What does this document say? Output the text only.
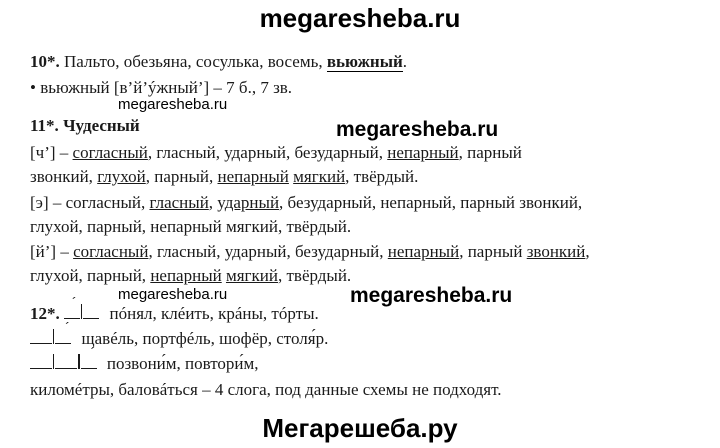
megaresheba.ru
10*. Пальто, обезьяна, сосулька, восемь, вьюжный.
• вьюжный [в’й’ýжный’] – 7 б., 7 зв.
megaresheba.ru
11*. Чудесный	megaresheba.ru
[ч’] – согласный, гласный, ударный, безударный, непарный, парный
звонкий, глухой, парный, непарный мягкий, твёрдый.
[э] – согласный, гласный, ударный, безударный, непарный, парный звонкий,
глухой, парный, непарный мягкий, твёрдый.
[й’] – согласный, гласный, ударный, безударный, непарный, парный звонкий,
глухой, парный, непарный мягкий, твёрдый.
megaresheba.ru	megaresheba.ru
12*.
´
пóнял, клéить, крáны, тóрты.
´
щавéль, портфéль, шофёр, столя́р.
´
позвони́м, повтори́м,
киломéтры, баловáться – 4 слога, под данные схемы не подходят.
Мегарешеба.ру
